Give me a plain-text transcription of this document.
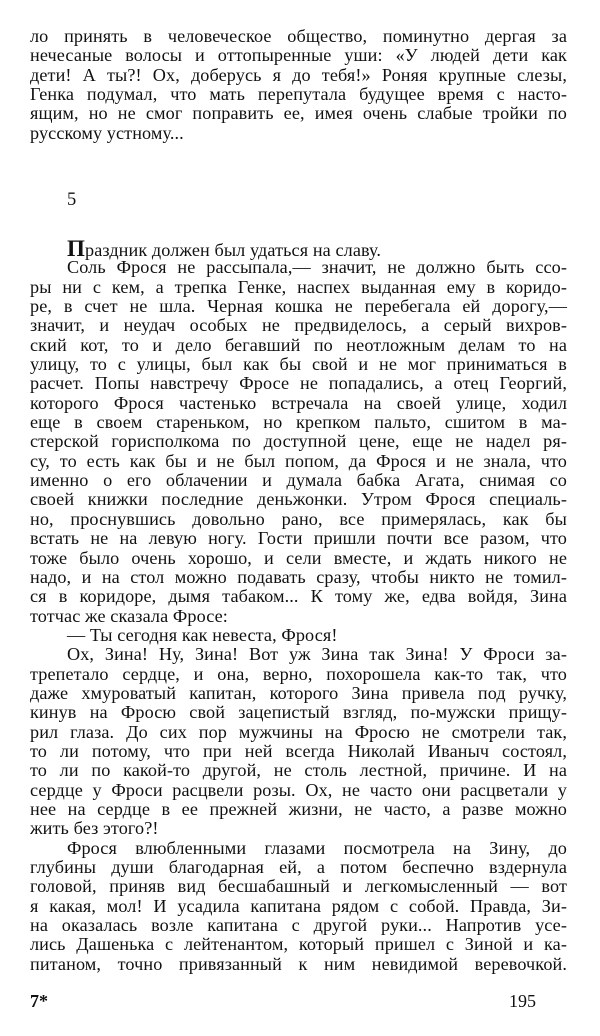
ло принять в человеческое общество, поминутно дергая за
нечесаные волосы и оттопыренные уши: «У людей дети как
дети! А ты?! Ох, доберусь я до тебя!» Роняя крупные слезы,
Генка подумал, что мать перепутала будущее время с насто-
ящим, но не смог поправить ее, имея очень слабые тройки по
русскому устному...
5
Праздник должен был удаться на славу.
Соль Фрося не рассыпала,— значит, не должно быть ссо-
ры ни с кем, а трепка Генке, наспех выданная ему в коридо-
ре, в счет не шла. Черная кошка не перебегала ей дорогу,—
значит, и неудач особых не предвиделось, а серый вихров-
ский кот, то и дело бегавший по неотложным делам то на
улицу, то с улицы, был как бы свой и не мог приниматься в
расчет. Попы навстречу Фросе не попадались, а отец Георгий,
которого Фрося частенько встречала на своей улице, ходил
еще в своем стареньком, но крепком пальто, сшитом в ма-
стерской горисполкома по доступной цене, еще не надел ря-
су, то есть как бы и не был попом, да Фрося и не знала, что
именно о его облачении и думала бабка Агата, снимая со
своей книжки последние деньжонки. Утром Фрося специаль-
но, проснувшись довольно рано, все примерялась, как бы
встать не на левую ногу. Гости пришли почти все разом, что
тоже было очень хорошо, и сели вместе, и ждать никого не
надо, и на стол можно подавать сразу, чтобы никто не томил-
ся в коридоре, дымя табаком... К тому же, едва войдя, Зина
тотчас же сказала Фросе:
— Ты сегодня как невеста, Фрося!
Ох, Зина! Ну, Зина! Вот уж Зина так Зина! У Фроси за-
трепетало сердце, и она, верно, похорошела как-то так, что
даже хмуроватый капитан, которого Зина привела под ручку,
кинув на Фросю свой зацепистый взгляд, по-мужски прищу-
рил глаза. До сих пор мужчины на Фросю не смотрели так,
то ли потому, что при ней всегда Николай Иваныч состоял,
то ли по какой-то другой, не столь лестной, причине. И на
сердце у Фроси расцвели розы. Ох, не часто они расцветали у
нее на сердце в ее прежней жизни, не часто, а разве можно
жить без этого?!
Фрося влюбленными глазами посмотрела на Зину, до
глубины души благодарная ей, а потом беспечно вздернула
головой, приняв вид бесшабашный и легкомысленный — вот
я какая, мол! И усадила капитана рядом с собой. Правда, Зи-
на оказалась возле капитана с другой руки... Напротив усе-
лись Дашенька с лейтенантом, который пришел с Зиной и ка-
питаном, точно привязанный к ним невидимой веревочкой.
7*	195
